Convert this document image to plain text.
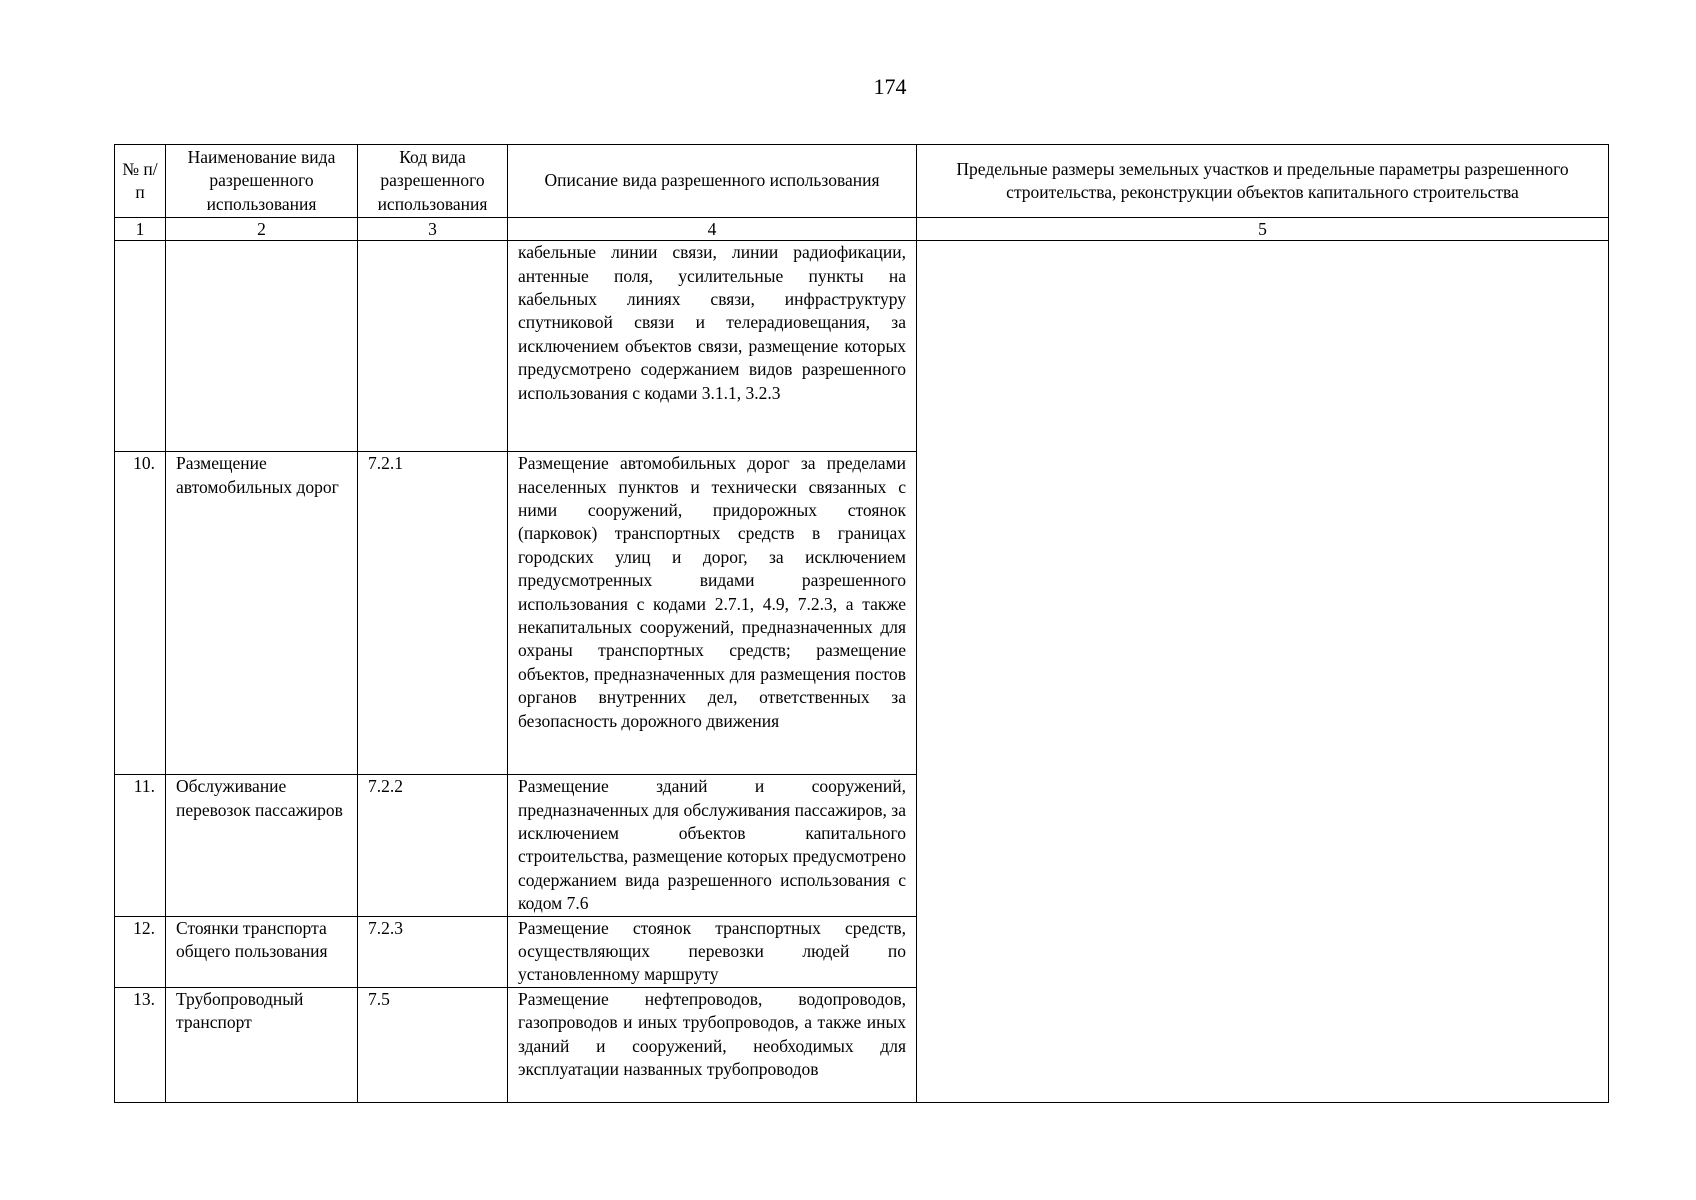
174
№ п/п	Наименование вида разрешенного использования	Код вида разрешенного использования	Описание вида разрешенного использования	Предельные размеры земельных участков и предельные параметры разрешенного строительства, реконструкции объектов капитального строительства
1	2	3	4	5
			кабельные линии связи, линии радиофикации, антенные поля, усилительные пункты на кабельных линиях связи, инфраструктуру спутниковой связи и телерадиовещания, за исключением объектов связи, размещение которых предусмотрено содержанием видов разрешенного использования с кодами 3.1.1, 3.2.3	
10.	Размещение автомобильных дорог	7.2.1	Размещение автомобильных дорог за пределами населенных пунктов и технически связанных с ними сооружений, придорожных стоянок (парковок) транспортных средств в границах городских улиц и дорог, за исключением предусмотренных видами разрешенного использования с кодами 2.7.1, 4.9, 7.2.3, а также некапитальных сооружений, предназначенных для охраны транспортных средств; размещение объектов, предназначенных для размещения постов органов внутренних дел, ответственных за безопасность дорожного движения	
11.	Обслуживание перевозок пассажиров	7.2.2	Размещение зданий и сооружений, предназначенных для обслуживания пассажиров, за исключением объектов капитального строительства, размещение которых предусмотрено содержанием вида разрешенного использования с кодом 7.6	
12.	Стоянки транспорта общего пользования	7.2.3	Размещение стоянок транспортных средств, осуществляющих перевозки людей по установленному маршруту	
13.	Трубопроводный транспорт	7.5	Размещение нефтепроводов, водопроводов, газопроводов и иных трубопроводов, а также иных зданий и сооружений, необходимых для эксплуатации названных трубопроводов	
